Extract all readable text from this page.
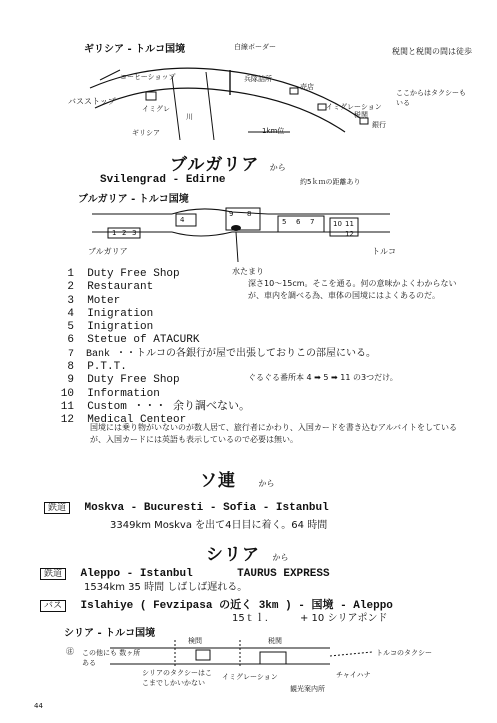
ギリシア - トルコ国境
バスストップ
コーヒーショップ
イミグレ
ギリシア
白線ボーダー
川
兵隊詰所
売店
イミグレーション
税関
銀行
ここからはタクシーもいる
税関と税関の間は徒歩
1km位
ブルガリア から
Svilengrad - Edirne	約5ｋｍの距離あり
ブルガリア - トルコ国境
4
1 2 3
9 8
5 6 7	10 11
12
ブルガリア	トルコ
水たまり
1 Duty Free Shop
2 Restaurant
3 Moter
4 Inigration
5 Inigration
6 Stetue of ATACURK
7 Bank ・・トルコの各銀行が屋で出張しておりこの部屋にいる。
8 P.T.T.
9 Duty Free Shop
10 Information
11 Custom ・・・ 余り調べない。
12 Medical Centeor
深さ10～15cm。そこを通る。何の意味かよくわからないが、車内を調べる為、車体の国境にはよくあるのだ。
ぐるぐる番所本 4 ➡ 5 ➡ 11 の3つだけ。
国境には乗り物がいないのが数人居て、旅行者にかわり、入国カードを書き込むアルバイトをしているが、入国カードには英語も表示しているので必要は無い。
ソ連	から
鉄道 Moskva - Bucuresti - Sofia - Istanbul
3349km Moskva を出て4日目に着く。64 時間
シリア から
鉄道 Aleppo - Istanbul	TAURUS EXPRESS
1534km 35 時間 しばしば遅れる。
バス Islahiye ( Fevzipasa の近く 3km ) - 国境 - Aleppo
15ｔｌ.	+ 10 シリアポンド
シリア - トルコ国境
㊟ この他にも 数ヶ所ある
検問	税関
トルコのタクシー
シリアのタクシーはここまでしかいかない
イミグレーション	チャイハナ
観光案内所
44
